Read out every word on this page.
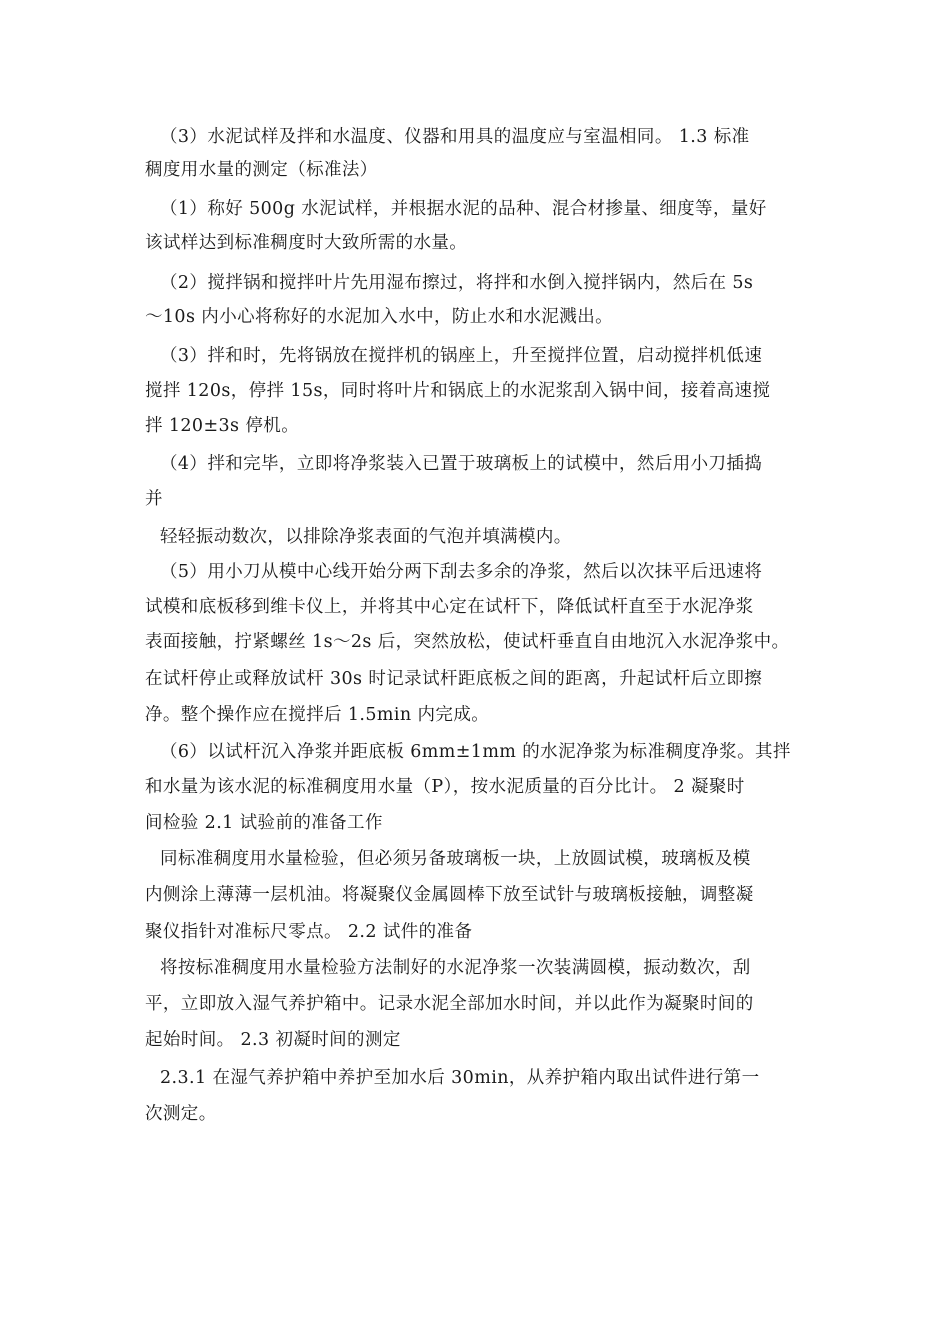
（3）水泥试样及拌和水温度、仪器和用具的温度应与室温相同。 1.3 标准
稠度用水量的测定（标准法）
（1）称好 500g 水泥试样，并根据水泥的品种、混合材掺量、细度等，量好
该试样达到标准稠度时大致所需的水量。
（2）搅拌锅和搅拌叶片先用湿布擦过，将拌和水倒入搅拌锅内，然后在 5s
～10s 内小心将称好的水泥加入水中，防止水和水泥溅出。
（3）拌和时，先将锅放在搅拌机的锅座上，升至搅拌位置，启动搅拌机低速
搅拌 120s，停拌 15s，同时将叶片和锅底上的水泥浆刮入锅中间，接着高速搅
拌 120±3s 停机。
（4）拌和完毕，立即将净浆装入已置于玻璃板上的试模中，然后用小刀插捣
并
轻轻振动数次，以排除净浆表面的气泡并填满模内。
（5）用小刀从模中心线开始分两下刮去多余的净浆，然后以次抹平后迅速将
试模和底板移到维卡仪上，并将其中心定在试杆下，降低试杆直至于水泥净浆
表面接触，拧紧螺丝 1s～2s 后，突然放松，使试杆垂直自由地沉入水泥净浆中。
在试杆停止或释放试杆 30s 时记录试杆距底板之间的距离，升起试杆后立即擦
净。整个操作应在搅拌后 1.5min 内完成。
（6）以试杆沉入净浆并距底板 6mm±1mm 的水泥净浆为标准稠度净浆。其拌
和水量为该水泥的标准稠度用水量（P），按水泥质量的百分比计。 2 凝聚时
间检验 2.1 试验前的准备工作
同标准稠度用水量检验，但必须另备玻璃板一块，上放圆试模，玻璃板及模
内侧涂上薄薄一层机油。将凝聚仪金属圆棒下放至试针与玻璃板接触，调整凝
聚仪指针对准标尺零点。 2.2 试件的准备
将按标准稠度用水量检验方法制好的水泥净浆一次装满圆模，振动数次，刮
平，立即放入湿气养护箱中。记录水泥全部加水时间，并以此作为凝聚时间的
起始时间。 2.3 初凝时间的测定
2.3.1 在湿气养护箱中养护至加水后 30min，从养护箱内取出试件进行第一
次测定。
